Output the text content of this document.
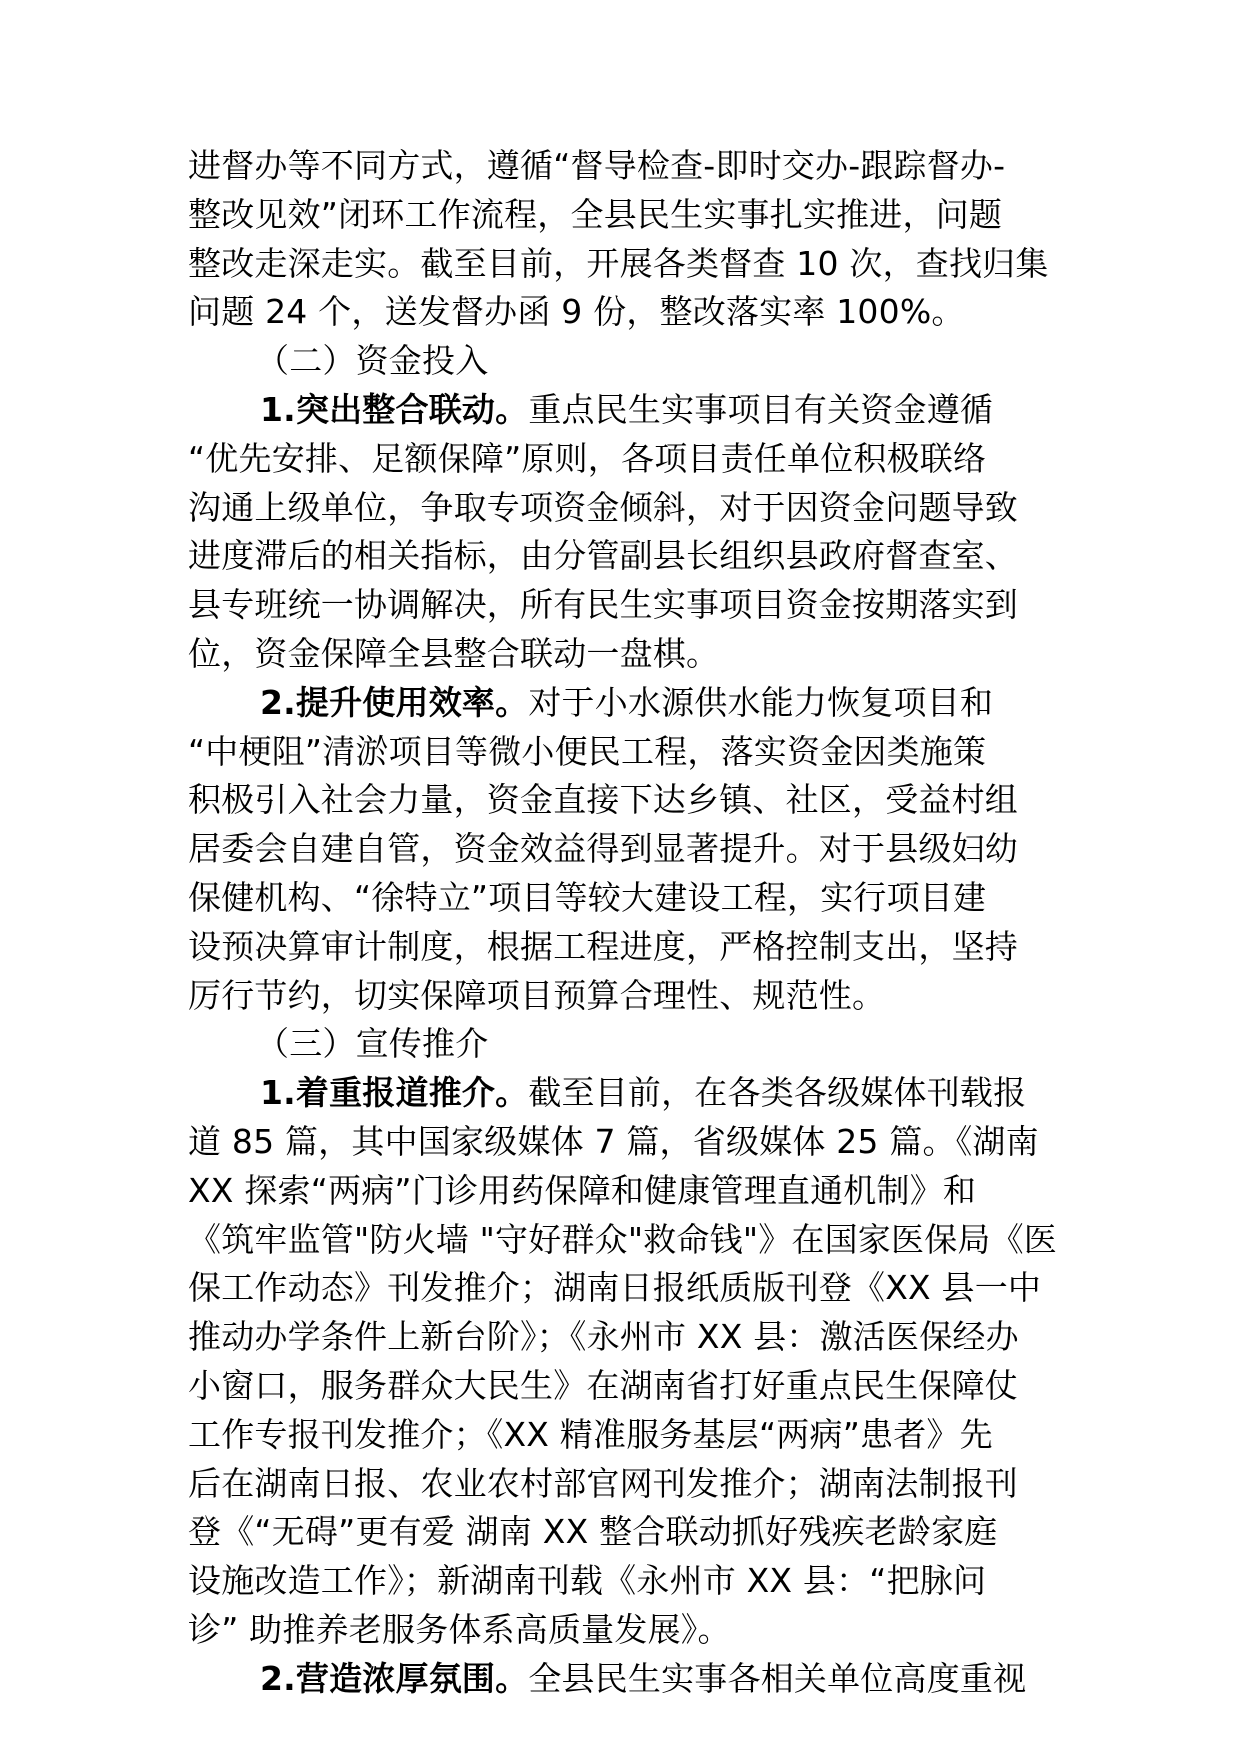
进督办等不同方式，遵循“督导检查-即时交办-跟踪督办-
整改见效”闭环工作流程，全县民生实事扎实推进，问题
整改走深走实。截至目前，开展各类督查 10 次，查找归集
问题 24 个，送发督办函 9 份，整改落实率 100%。
（二）资金投入
1.突出整合联动。重点民生实事项目有关资金遵循
“优先安排、足额保障”原则，各项目责任单位积极联络
沟通上级单位，争取专项资金倾斜，对于因资金问题导致
进度滞后的相关指标，由分管副县长组织县政府督查室、
县专班统一协调解决，所有民生实事项目资金按期落实到
位，资金保障全县整合联动一盘棋。
2.提升使用效率。对于小水源供水能力恢复项目和
“中梗阻”清淤项目等微小便民工程，落实资金因类施策
积极引入社会力量，资金直接下达乡镇、社区，受益村组
居委会自建自管，资金效益得到显著提升。对于县级妇幼
保健机构、“徐特立”项目等较大建设工程，实行项目建
设预决算审计制度，根据工程进度，严格控制支出，坚持
厉行节约，切实保障项目预算合理性、规范性。
（三）宣传推介
1.着重报道推介。截至目前，在各类各级媒体刊载报
道 85 篇，其中国家级媒体 7 篇，省级媒体 25 篇。《湖南
XX 探索“两病”门诊用药保障和健康管理直通机制》和
《筑牢监管"防火墙 "守好群众"救命钱"》在国家医保局《医
保工作动态》刊发推介；湖南日报纸质版刊登《XX 县一中
推动办学条件上新台阶》；《永州市 XX 县：激活医保经办
小窗口，服务群众大民生》在湖南省打好重点民生保障仗
工作专报刊发推介；《XX 精准服务基层“两病”患者》先
后在湖南日报、农业农村部官网刊发推介；湖南法制报刊
登《“无碍”更有爱 湖南 XX 整合联动抓好残疾老龄家庭
设施改造工作》；新湖南刊载《永州市 XX 县：“把脉问
诊” 助推养老服务体系高质量发展》。
2.营造浓厚氛围。全县民生实事各相关单位高度重视
